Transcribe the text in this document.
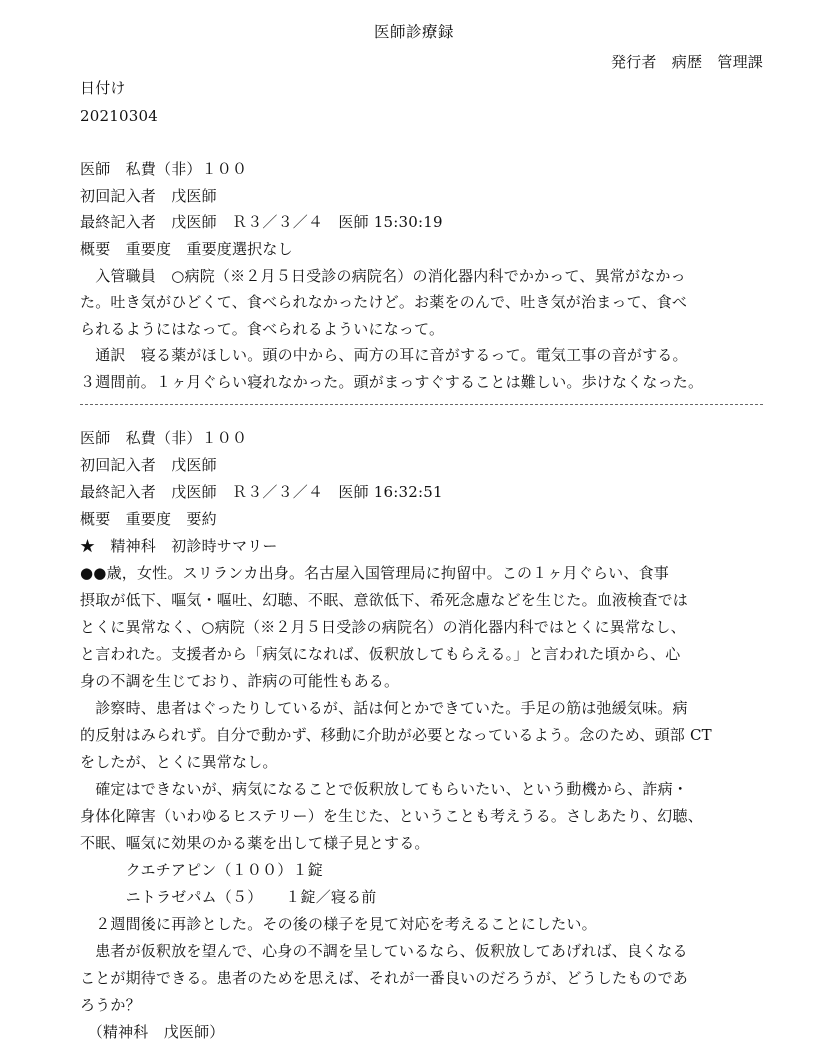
医師診療録
発行者　病歴　管理課
日付け
20210304
医師　私費（非）１００
初回記入者　戊医師
最終記入者　戊医師　Ｒ３／３／４　医師 15:30:19
概要　重要度　重要度選択なし
　入管職員　○病院（※２月５日受診の病院名）の消化器内科でかかって、異常がなかっ
た。吐き気がひどくて、食べられなかったけど。お薬をのんで、吐き気が治まって、食べ
られるようにはなって。食べられるよういになって。
　通訳　寝る薬がほしい。頭の中から、両方の耳に音がするって。電気工事の音がする。
３週間前。１ヶ月ぐらい寝れなかった。頭がまっすぐすることは難しい。歩けなくなった。
医師　私費（非）１００
初回記入者　戊医師
最終記入者　戊医師　Ｒ３／３／４　医師 16:32:51
概要　重要度　要約
★　精神科　初診時サマリー
●●歳，女性。スリランカ出身。名古屋入国管理局に拘留中。この１ヶ月ぐらい、食事
摂取が低下、嘔気・嘔吐、幻聴、不眠、意欲低下、希死念慮などを生じた。血液検査では
とくに異常なく、○病院（※２月５日受診の病院名）の消化器内科ではとくに異常なし、
と言われた。支援者から「病気になれば、仮釈放してもらえる。」と言われた頃から、心
身の不調を生じており、詐病の可能性もある。
　診察時、患者はぐったりしているが、話は何とかできていた。手足の筋は弛緩気味。病
的反射はみられず。自分で動かず、移動に介助が必要となっているよう。念のため、頭部 CT
をしたが、とくに異常なし。
　確定はできないが、病気になることで仮釈放してもらいたい、という動機から、詐病・
身体化障害（いわゆるヒステリー）を生じた、ということも考えうる。さしあたり、幻聴、
不眠、嘔気に効果のかる薬を出して様子見とする。
　　　クエチアピン（１００）１錠
　　　ニトラゼパム（５）　　１錠／寝る前
　２週間後に再診とした。その後の様子を見て対応を考えることにしたい。
　患者が仮釈放を望んで、心身の不調を呈しているなら、仮釈放してあげれば、良くなる
ことが期待できる。患者のためを思えば、それが一番良いのだろうが、どうしたものであ
ろうか？
　（精神科　戊医師）
